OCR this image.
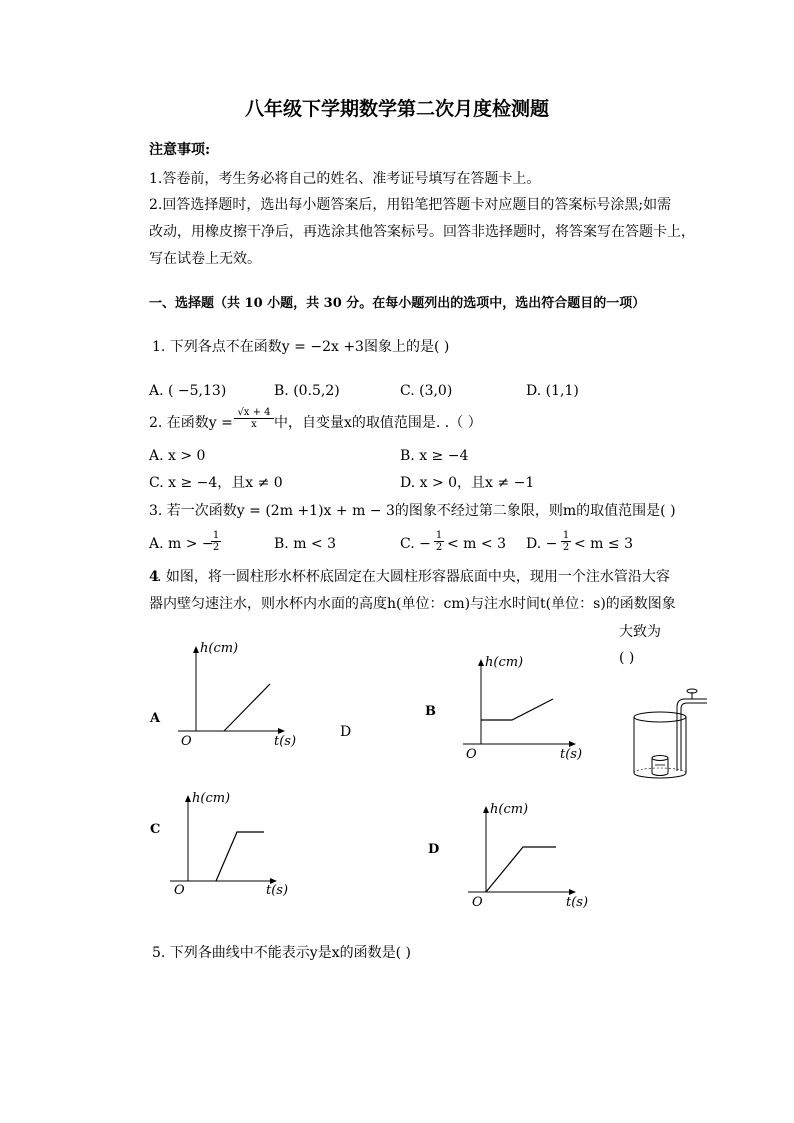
八年级下学期数学第二次月度检测题
注意事项:
1.答卷前，考生务必将自己的姓名、准考证号填写在答题卡上。
2.回答选择题时，选出每小题答案后，用铅笔把答题卡对应题目的答案标号涂黑;如需
改动，用橡皮擦干净后，再选涂其他答案标号。回答非选择题时，将答案写在答题卡上，
写在试卷上无效。
一、选择题（共 10 小题，共 30 分。在每小题列出的选项中，选出符合题目的一项）
1. 下列各点不在函数y = −2x +3图象上的是( )
A. ( −5,13)	B. (0.5,2)	C. (3,0)	D. (1,1)
2. 在函数$y = \frac{√x + 4}{x}$ 中，自变量x的取值范围是. .（ ）
A. x > 0	B. x ≥ −4
C. x ≥ −4，且x ≠ 0	D. x > 0，且x ≠ −1
3. 若一次函数y = (2m +1)x + m − 3的图象不经过第二象限，则m的取值范围是( )
A. m > −
$\frac{1}{2}$	B. m < 3	C. − $\frac{1}{2} < m < 3$ D. − $\frac{1}{2} < m \le 3$
4
. 如图，将一圆柱形水杯杯底固定在大圆柱形容器底面中央，现用一个注水管沿大容
器内壁匀速注水，则水杯内水面的高度h(单位：cm)与注水时间t(单位：s)的函数图象
大致为
( )
A
h(cm)
t(s)
O
D
B
h(cm)
t(s)
O
C
h(cm)
t(s)
O
D
h(cm)
t(s)
O
5. 下列各曲线中不能表示y是x的函数是( )
